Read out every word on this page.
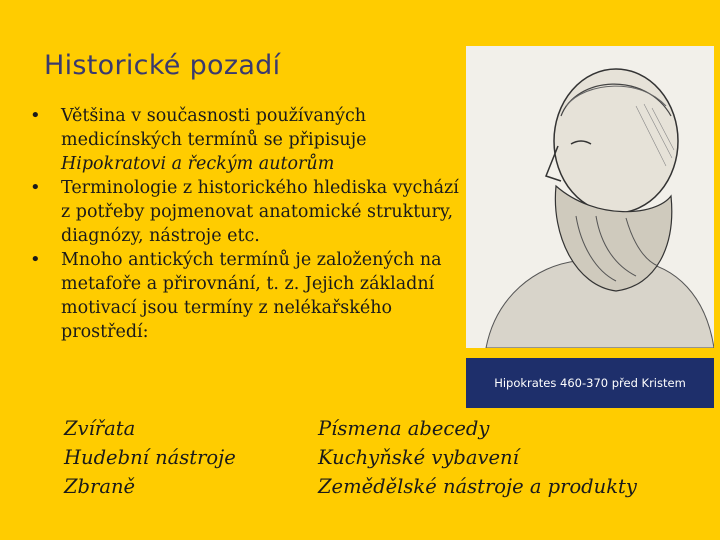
Historické pozadí
• Většina v současnosti používaných medicínských termínů se připisuje Hipokratovi a řeckým autorům
• Terminologie z historického hlediska vychází z potřeby pojmenovat anatomické struktury, diagnózy, nástroje etc.
• Mnoho antických termínů je založených na metafoře a přirovnání, t. z. Jejich základní motivací jsou termíny z nelékařského prostředí:
Zvířata
Hudební nástroje
Zbraně
Písmena abecedy
Kuchyňské vybavení
Zemědělské nástroje a produkty
Hipokrates 460-370 před Kristem
